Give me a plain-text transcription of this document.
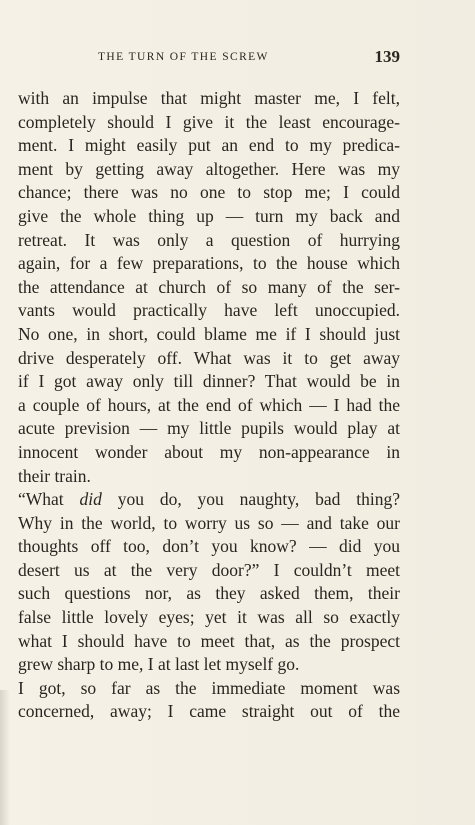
THE TURN OF THE SCREW	139
with an impulse that might master me, I felt,
completely should I give it the least encourage-
ment. I might easily put an end to my predica-
ment by getting away altogether. Here was my
chance; there was no one to stop me; I could
give the whole thing up — turn my back and
retreat. It was only a question of hurrying
again, for a few preparations, to the house which
the attendance at church of so many of the ser-
vants would practically have left unoccupied.
No one, in short, could blame me if I should just
drive desperately off. What was it to get away
if I got away only till dinner? That would be in
a couple of hours, at the end of which — I had the
acute prevision — my little pupils would play at
innocent wonder about my non-appearance in
their train.
“What did you do, you naughty, bad thing?
Why in the world, to worry us so — and take our
thoughts off too, don’t you know? — did you
desert us at the very door?” I couldn’t meet
such questions nor, as they asked them, their
false little lovely eyes; yet it was all so exactly
what I should have to meet that, as the prospect
grew sharp to me, I at last let myself go.
I got, so far as the immediate moment was
concerned, away; I came straight out of the
